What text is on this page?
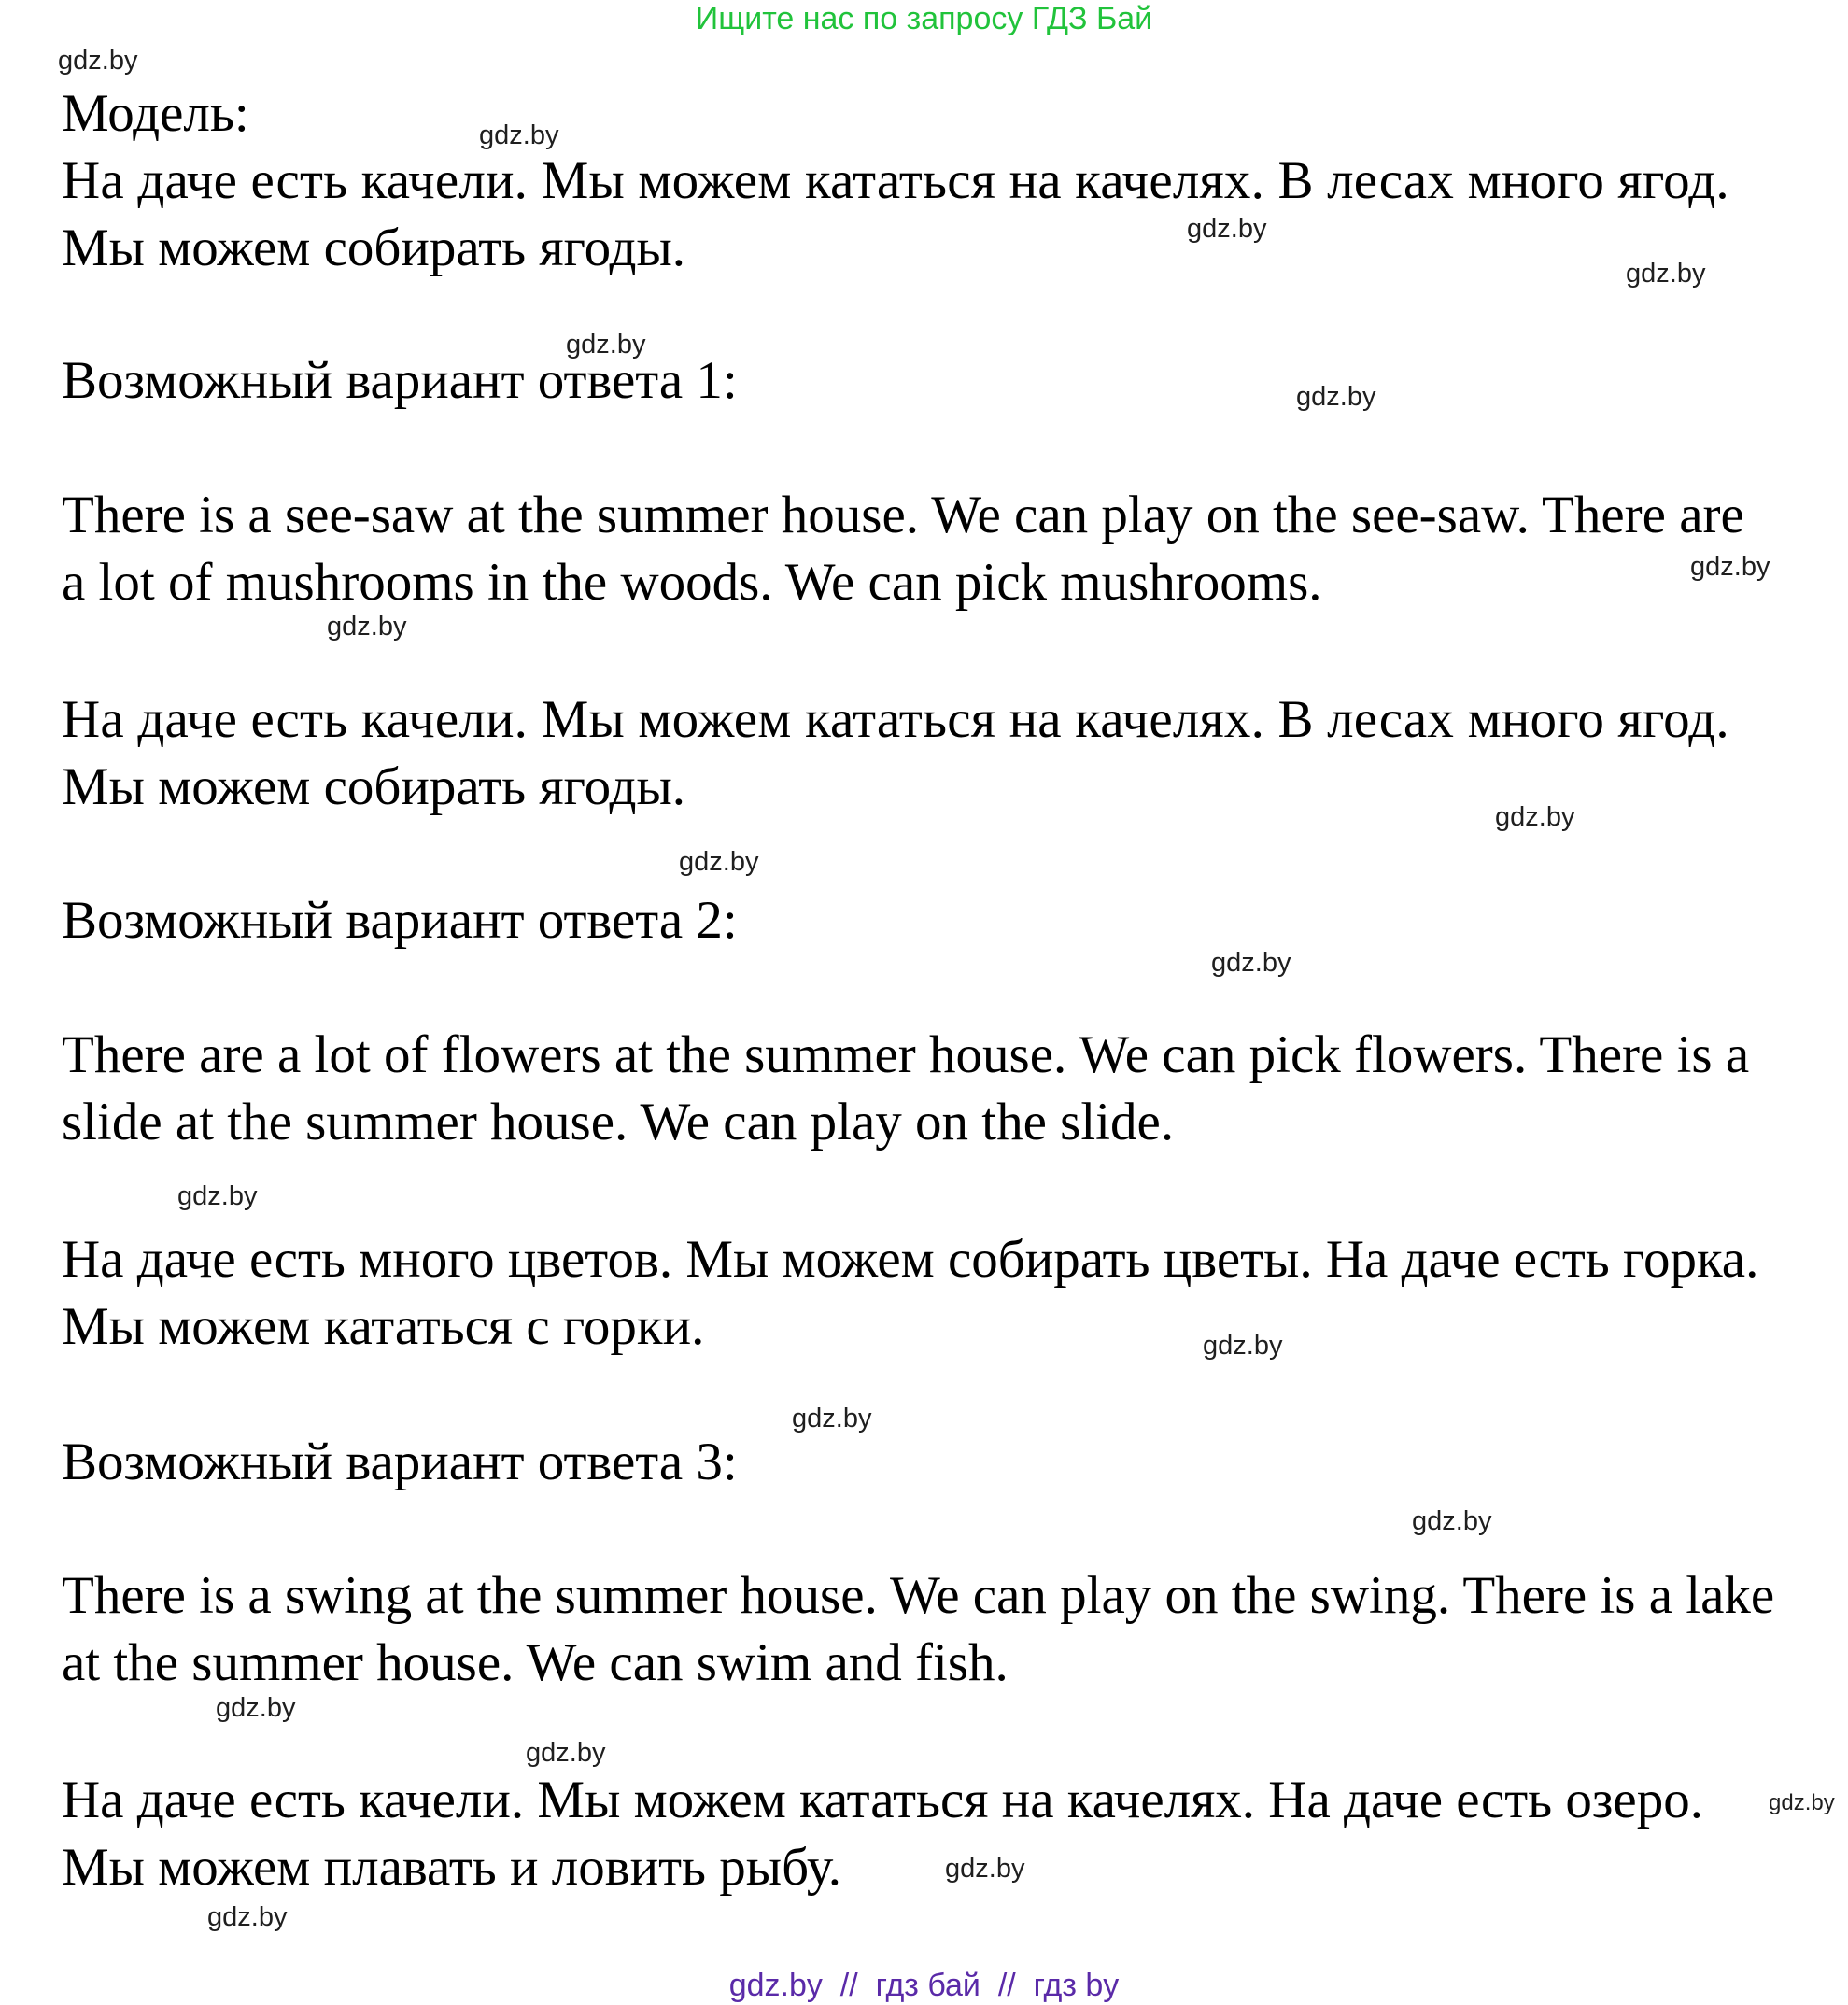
Ищите нас по запросу ГДЗ Бай

Модель:

На даче есть качели. Мы можем кататься на качелях. В лесах много ягод.

Мы можем собирать ягоды.

Возможный вариант ответа 1:

There is a see-saw at the summer house. We can play on the see-saw. There are

a lot of mushrooms in the woods. We can pick mushrooms.

На даче есть качели. Мы можем кататься на качелях. В лесах много ягод.

Мы можем собирать ягоды.

Возможный вариант ответа 2:

There are a lot of flowers at the summer house. We can pick flowers. There is a

slide at the summer house. We can play on the slide.

На даче есть много цветов. Мы можем собирать цветы. На даче есть горка.

Мы можем кататься с горки.

Возможный вариант ответа 3:

There is a swing at the summer house. We can play on the swing. There is a lake

at the summer house. We can swim and fish.

На даче есть качели. Мы можем кататься на качелях. На даче есть озеро.

Мы можем плавать и ловить рыбу.

gdz.by
gdz.by
gdz.by
gdz.by
gdz.by
gdz.by
gdz.by
gdz.by
gdz.by
gdz.by
gdz.by
gdz.by
gdz.by
gdz.by
gdz.by
gdz.by
gdz.by
gdz.by
gdz.by
gdz.by
gdz.by  //  гдз бай  //  гдз by
